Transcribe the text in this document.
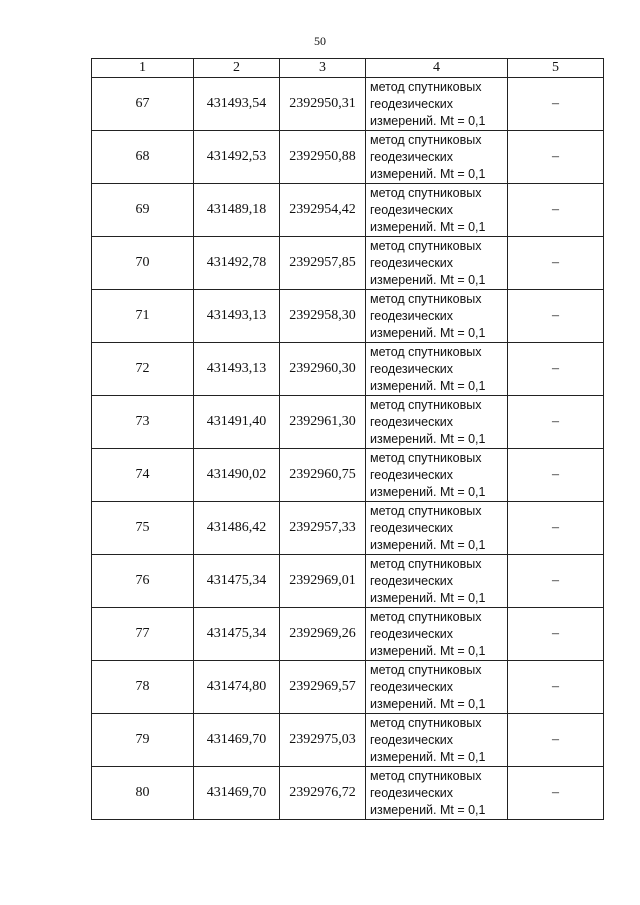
50
1	2	3	4	5
67	431493,54	2392950,31	метод спутниковых
геодезических
измерений. Mt = 0,1	–
68	431492,53	2392950,88	метод спутниковых
геодезических
измерений. Mt = 0,1	–
69	431489,18	2392954,42	метод спутниковых
геодезических
измерений. Mt = 0,1	–
70	431492,78	2392957,85	метод спутниковых
геодезических
измерений. Mt = 0,1	–
71	431493,13	2392958,30	метод спутниковых
геодезических
измерений. Mt = 0,1	–
72	431493,13	2392960,30	метод спутниковых
геодезических
измерений. Mt = 0,1	–
73	431491,40	2392961,30	метод спутниковых
геодезических
измерений. Mt = 0,1	–
74	431490,02	2392960,75	метод спутниковых
геодезических
измерений. Mt = 0,1	–
75	431486,42	2392957,33	метод спутниковых
геодезических
измерений. Mt = 0,1	–
76	431475,34	2392969,01	метод спутниковых
геодезических
измерений. Mt = 0,1	–
77	431475,34	2392969,26	метод спутниковых
геодезических
измерений. Mt = 0,1	–
78	431474,80	2392969,57	метод спутниковых
геодезических
измерений. Mt = 0,1	–
79	431469,70	2392975,03	метод спутниковых
геодезических
измерений. Mt = 0,1	–
80	431469,70	2392976,72	метод спутниковых
геодезических
измерений. Mt = 0,1	–
